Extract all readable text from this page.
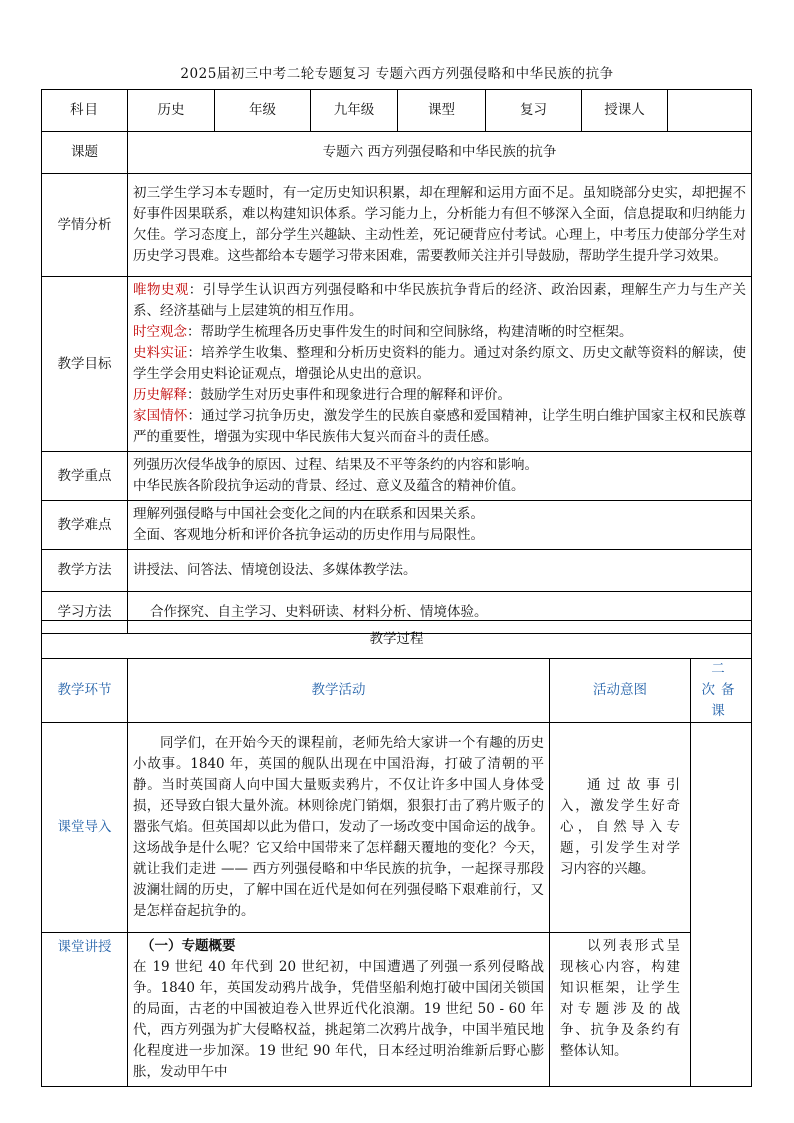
2025届初三中考二轮专题复习 专题六西方列强侵略和中华民族的抗争
科目	历史	年级	九年级	课型	复习	授课人	
课题	专题六 西方列强侵略和中华民族的抗争						
学情分析	初三学生学习本专题时，有一定历史知识积累，却在理解和运用方面不足。虽知晓部分史实，却把握不好事件因果联系，难以构建知识体系。学习能力上，分析能力有但不够深入全面，信息提取和归纳能力欠佳。学习态度上，部分学生兴趣缺、主动性差，死记硬背应付考试。心理上，中考压力使部分学生对历史学习畏难。这些都给本专题学习带来困难，需要教师关注并引导鼓励，帮助学生提升学习效果。						
教学目标	唯物史观：引导学生认识西方列强侵略和中华民族抗争背后的经济、政治因素，理解生产力与生产关系、经济基础与上层建筑的相互作用。
时空观念：帮助学生梳理各历史事件发生的时间和空间脉络，构建清晰的时空框架。
史料实证：培养学生收集、整理和分析历史资料的能力。通过对条约原文、历史文献等资料的解读，使学生学会用史料论证观点，增强论从史出的意识。
历史解释：鼓励学生对历史事件和现象进行合理的解释和评价。
家国情怀：通过学习抗争历史，激发学生的民族自豪感和爱国精神，让学生明白维护国家主权和民族尊严的重要性，增强为实现中华民族伟大复兴而奋斗的责任感。						

教学重点	列强历次侵华战争的原因、过程、结果及不平等条约的内容和影响。
中华民族各阶段抗争运动的背景、经过、意义及蕴含的精神价值。						

教学难点	理解列强侵略与中国社会变化之间的内在联系和因果关系。
全面、客观地分析和评价各抗争运动的历史作用与局限性。						

教学方法	讲授法、问答法、情境创设法、多媒体教学法。						
学习方法	合作探究、自主学习、史料研读、材料分析、情境体验。						
教学过程			
教学环节	教学活动	活动意图	二 次备课
课堂导入	同学们，在开始今天的课程前，老师先给大家讲一个有趣的历史小故事。1840 年，英国的舰队出现在中国沿海，打破了清朝的平静。当时英国商人向中国大量贩卖鸦片，不仅让许多中国人身体受损，还导致白银大量外流。林则徐虎门销烟，狠狠打击了鸦片贩子的嚣张气焰。但英国却以此为借口，发动了一场改变中国命运的战争。这场战争是什么呢？它又给中国带来了怎样翻天覆地的变化？今天，就让我们走进 —— 西方列强侵略和中华民族的抗争，一起探寻那段波澜壮阔的历史，了解中国在近代是如何在列强侵略下艰难前行，又是怎样奋起抗争的。	通过故事引入，激发学生好奇心，自然导入专题，引发学生对学习内容的兴趣。	
课堂讲授	（一）专题概要
在 19 世纪 40 年代到 20 世纪初，中国遭遇了列强一系列侵略战争。1840 年，英国发动鸦片战争，凭借坚船利炮打破中国闭关锁国的局面，古老的中国被迫卷入世界近代化浪潮。19 世纪 50 - 60 年代，西方列强为扩大侵略权益，挑起第二次鸦片战争，中国半殖民地化程度进一步加深。19 世纪 90 年代，日本经过明治维新后野心膨胀，发动甲午中	以列表形式呈现核心内容，构建知识框架，让学生对专题涉及的战争、抗争及条约有整体认知。	
